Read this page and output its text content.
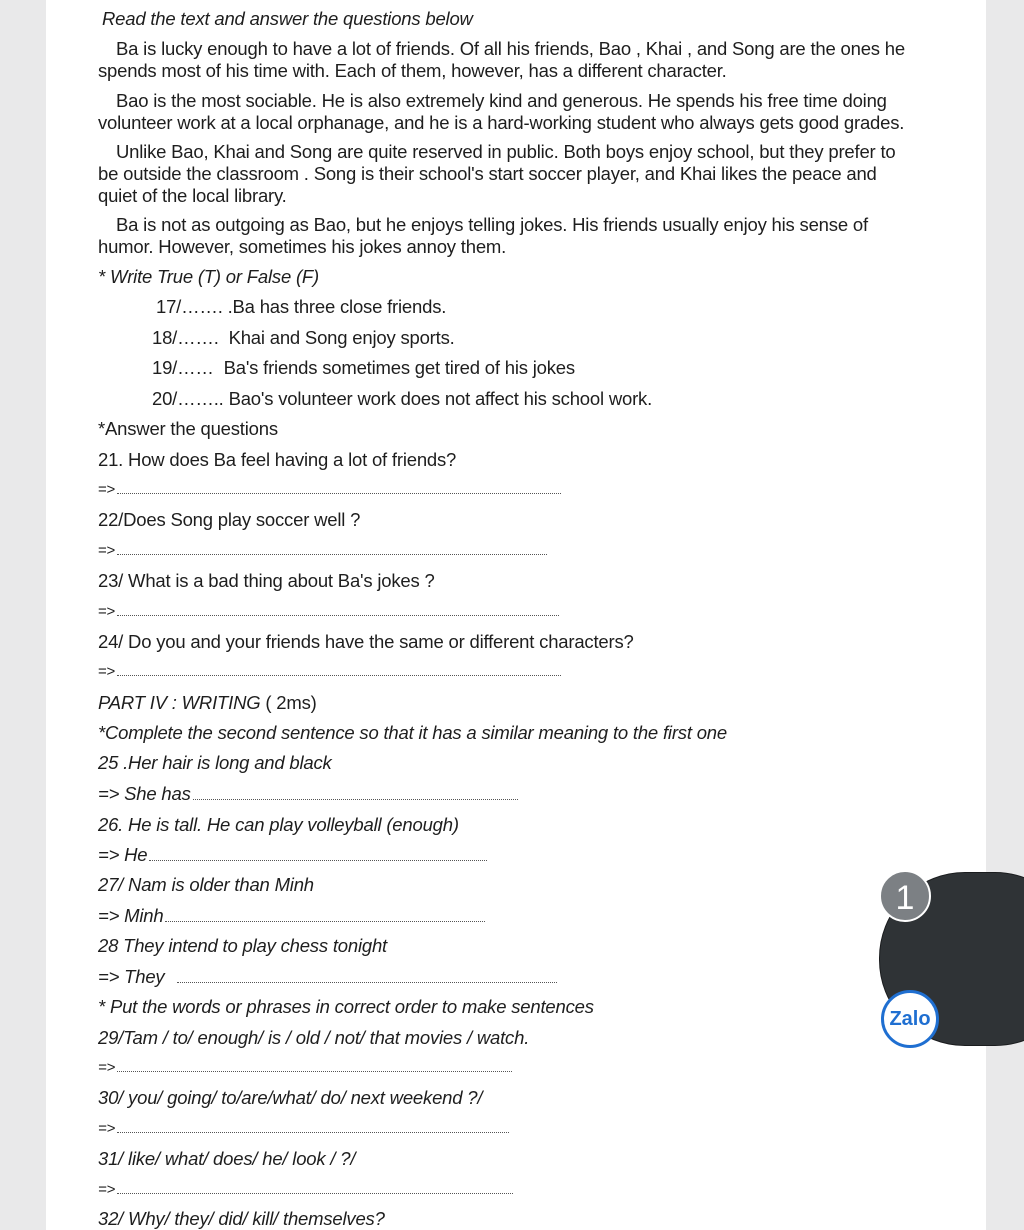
Read the text and answer the questions below
Ba is lucky enough to have a lot of friends. Of all his friends, Bao , Khai , and Song are the ones he spends most of his time with. Each of them, however, has a different character.
Bao is the most sociable. He is also extremely kind and generous. He spends his free time doing volunteer work at a local orphanage, and he is a hard-working student who always gets good grades.
Unlike Bao, Khai and Song are quite reserved in public. Both boys enjoy school, but they prefer to be outside the classroom . Song is their school's start soccer player, and Khai likes the peace and quiet of the local library.
Ba is not as outgoing as Bao, but he enjoys telling jokes. His friends usually enjoy his sense of humor. However, sometimes his jokes annoy them.
* Write True (T) or False (F)
17/……. .Ba has three close friends.
18/……. Khai and Song enjoy sports.
19/…… Ba's friends sometimes get tired of his jokes
20/…….. Bao's volunteer work does not affect his school work.
*Answer the questions
21. How does Ba feel having a lot of friends?
=>
22/Does Song play soccer well ?
=>
23/ What is a bad thing about Ba's jokes ?
=>
24/ Do you and your friends have the same or different characters?
=>
PART IV : WRITING ( 2ms)
*Complete the second sentence so that it has a similar meaning to the first one
25 .Her hair is long and black
=> She has
26. He is tall. He can play volleyball (enough)
=> He
27/ Nam is older than Minh
=> Minh
28 They intend to play chess tonight
=> They
* Put the words or phrases in correct order to make sentences
29/Tam / to/ enough/ is / old / not/ that movies / watch.
=>
30/ you/ going/ to/are/what/ do/ next weekend ?/
=>
31/ like/ what/ does/ he/ look / ?/
=>
32/ Why/ they/ did/ kill/ themselves?
1
Zalo
